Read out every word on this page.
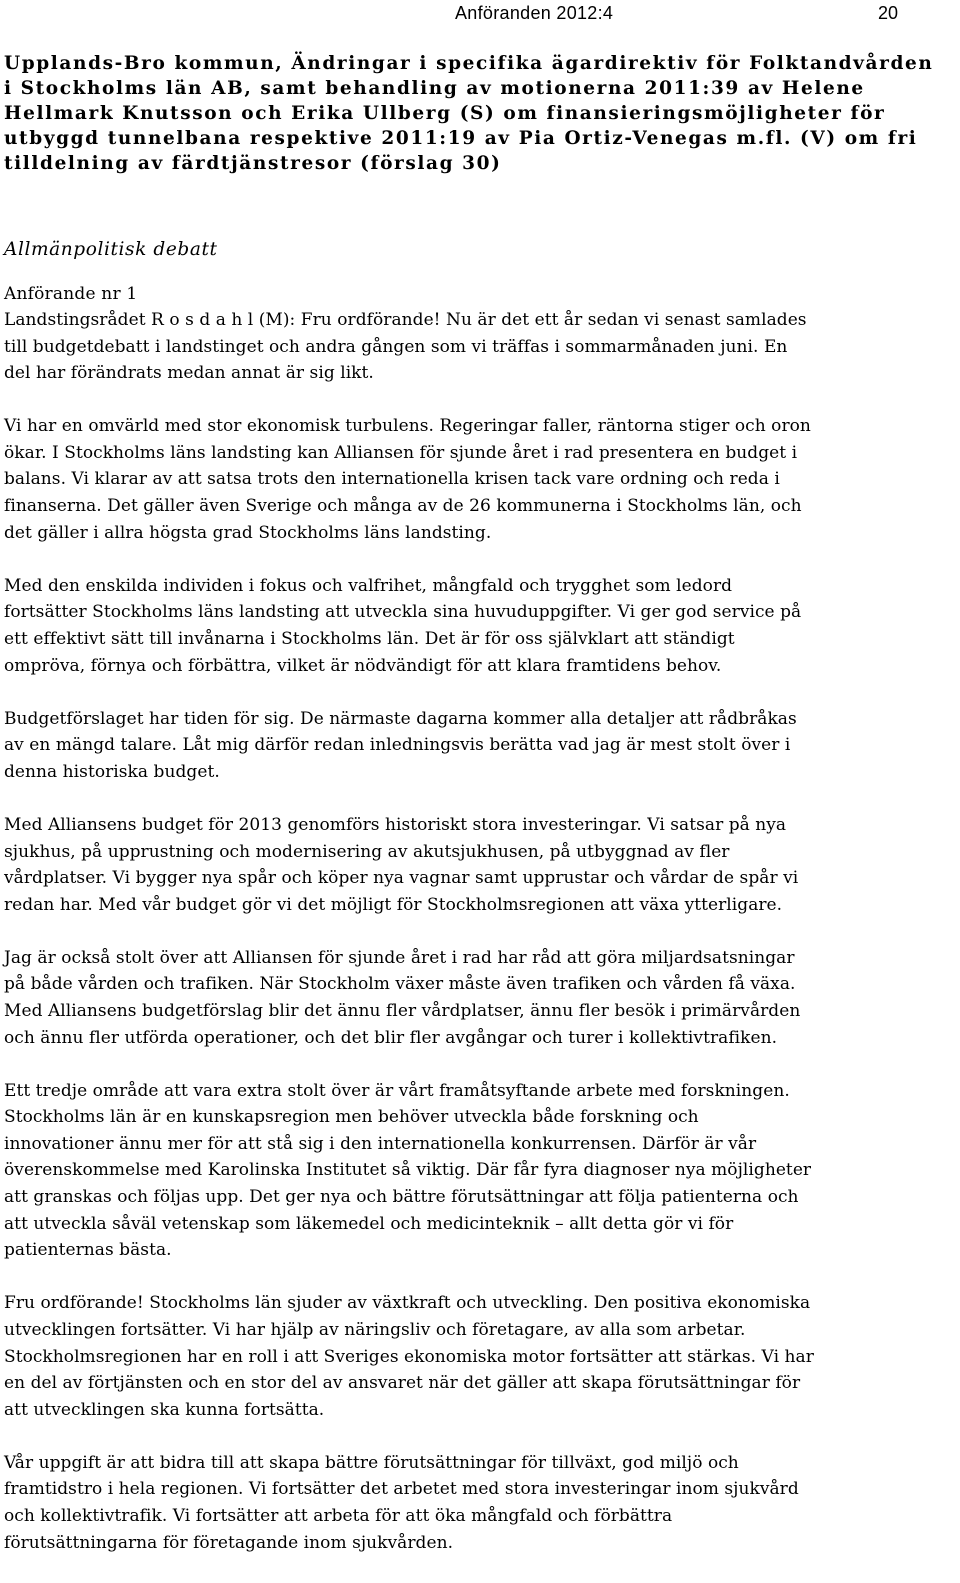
Anföranden 2012:4	20
Upplands-Bro kommun, Ändringar i specifika ägardirektiv för Folktandvården
i Stockholms län AB, samt behandling av motionerna 2011:39 av Helene
Hellmark Knutsson och Erika Ullberg (S) om finansieringsmöjligheter för
utbyggd tunnelbana respektive 2011:19 av Pia Ortiz-Venegas m.fl. (V) om fri
tilldelning av färdtjänstresor (förslag 30)
Allmänpolitisk debatt
Anförande nr 1
Landstingsrådet R o s d a h l (M): Fru ordförande! Nu är det ett år sedan vi senast samlades
till budgetdebatt i landstinget och andra gången som vi träffas i sommarmånaden juni. En
del har förändrats medan annat är sig likt.
Vi har en omvärld med stor ekonomisk turbulens. Regeringar faller, räntorna stiger och oron
ökar. I Stockholms läns landsting kan Alliansen för sjunde året i rad presentera en budget i
balans. Vi klarar av att satsa trots den internationella krisen tack vare ordning och reda i
finanserna. Det gäller även Sverige och många av de 26 kommunerna i Stockholms län, och
det gäller i allra högsta grad Stockholms läns landsting.
Med den enskilda individen i fokus och valfrihet, mångfald och trygghet som ledord
fortsätter Stockholms läns landsting att utveckla sina huvuduppgifter. Vi ger god service på
ett effektivt sätt till invånarna i Stockholms län. Det är för oss självklart att ständigt
ompröva, förnya och förbättra, vilket är nödvändigt för att klara framtidens behov.
Budgetförslaget har tiden för sig. De närmaste dagarna kommer alla detaljer att rådbråkas
av en mängd talare. Låt mig därför redan inledningsvis berätta vad jag är mest stolt över i
denna historiska budget.
Med Alliansens budget för 2013 genomförs historiskt stora investeringar. Vi satsar på nya
sjukhus, på upprustning och modernisering av akutsjukhusen, på utbyggnad av fler
vårdplatser. Vi bygger nya spår och köper nya vagnar samt upprustar och vårdar de spår vi
redan har. Med vår budget gör vi det möjligt för Stockholmsregionen att växa ytterligare.
Jag är också stolt över att Alliansen för sjunde året i rad har råd att göra miljardsatsningar
på både vården och trafiken. När Stockholm växer måste även trafiken och vården få växa.
Med Alliansens budgetförslag blir det ännu fler vårdplatser, ännu fler besök i primärvården
och ännu fler utförda operationer, och det blir fler avgångar och turer i kollektivtrafiken.
Ett tredje område att vara extra stolt över är vårt framåtsyftande arbete med forskningen.
Stockholms län är en kunskapsregion men behöver utveckla både forskning och
innovationer ännu mer för att stå sig i den internationella konkurrensen. Därför är vår
överenskommelse med Karolinska Institutet så viktig. Där får fyra diagnoser nya möjligheter
att granskas och följas upp. Det ger nya och bättre förutsättningar att följa patienterna och
att utveckla såväl vetenskap som läkemedel och medicinteknik – allt detta gör vi för
patienternas bästa.
Fru ordförande! Stockholms län sjuder av växtkraft och utveckling. Den positiva ekonomiska
utvecklingen fortsätter. Vi har hjälp av näringsliv och företagare, av alla som arbetar.
Stockholmsregionen har en roll i att Sveriges ekonomiska motor fortsätter att stärkas. Vi har
en del av förtjänsten och en stor del av ansvaret när det gäller att skapa förutsättningar för
att utvecklingen ska kunna fortsätta.
Vår uppgift är att bidra till att skapa bättre förutsättningar för tillväxt, god miljö och
framtidstro i hela regionen. Vi fortsätter det arbetet med stora investeringar inom sjukvård
och kollektivtrafik. Vi fortsätter att arbeta för att öka mångfald och förbättra
förutsättningarna för företagande inom sjukvården.
